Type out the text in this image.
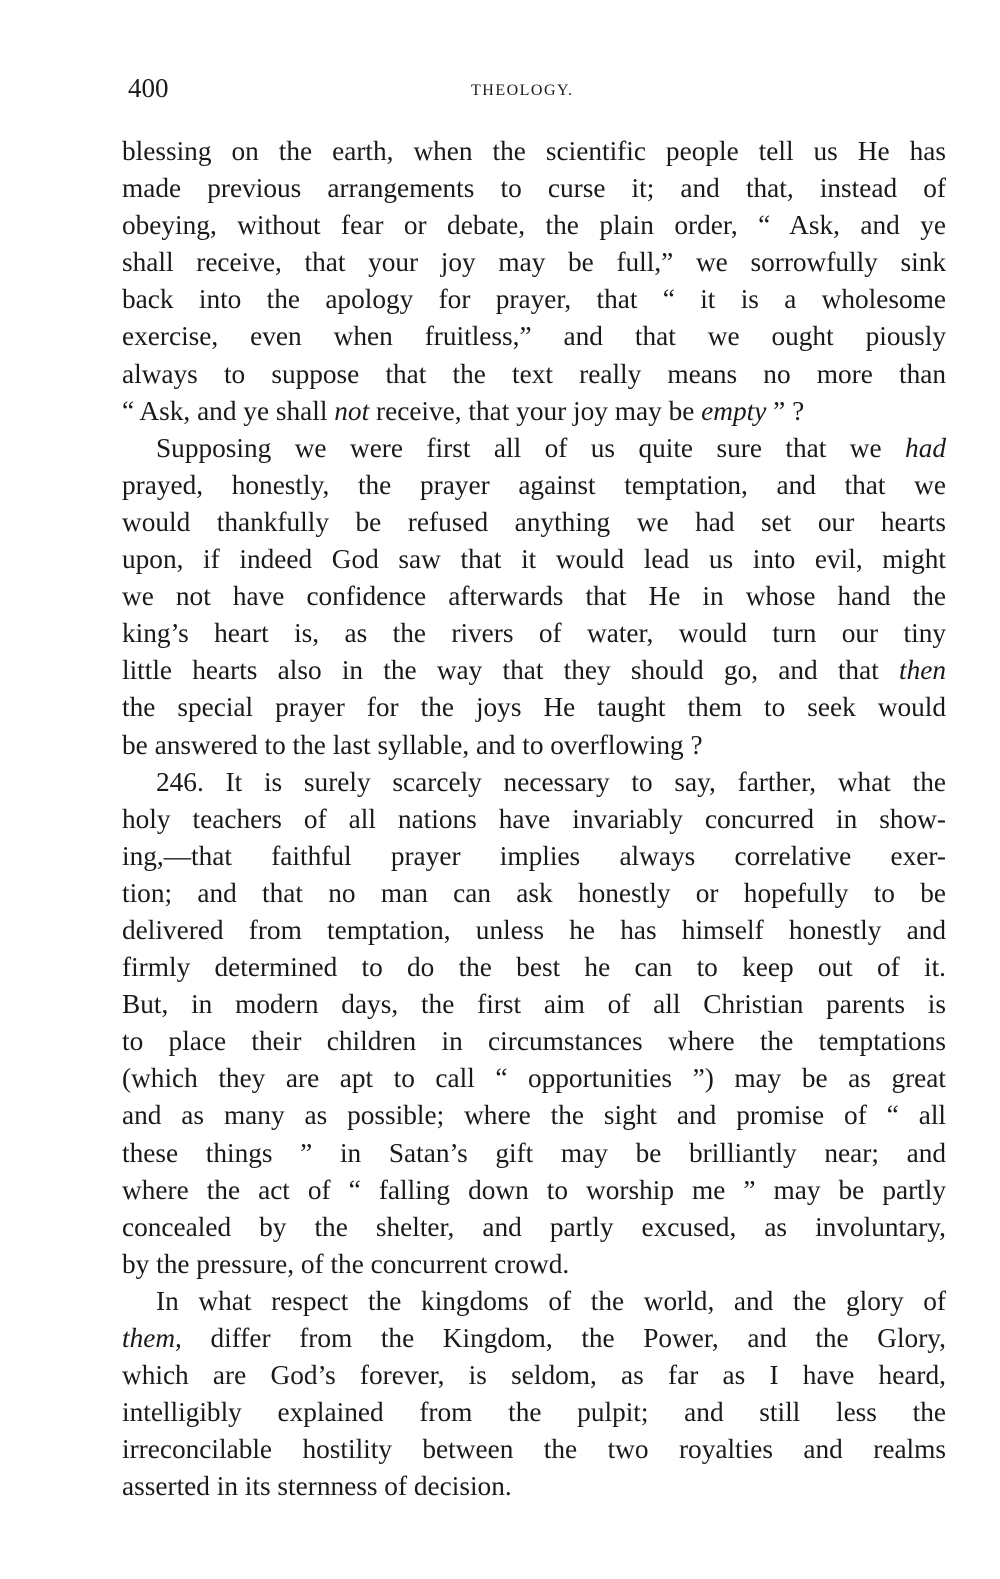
400	THEOLOGY.

blessing on the earth, when the scientific people tell us He has
made previous arrangements to curse it; and that, instead of
obeying, without fear or debate, the plain order, “ Ask, and ye
shall receive, that your joy may be full,” we sorrowfully sink
back into the apology for prayer, that “ it is a wholesome
exercise, even when fruitless,” and that we ought piously
always to suppose that the text really means no more than
“ Ask, and ye shall not receive, that your joy may be empty ” ?

Supposing we were first all of us quite sure that we had
prayed, honestly, the prayer against temptation, and that we
would thankfully be refused anything we had set our hearts
upon, if indeed God saw that it would lead us into evil, might
we not have confidence afterwards that He in whose hand the
king’s heart is, as the rivers of water, would turn our tiny
little hearts also in the way that they should go, and that then
the special prayer for the joys He taught them to seek would
be answered to the last syllable, and to overflowing ?

246. It is surely scarcely necessary to say, farther, what the
holy teachers of all nations have invariably concurred in show-
ing,—that faithful prayer implies always correlative exer-
tion; and that no man can ask honestly or hopefully to be
delivered from temptation, unless he has himself honestly and
firmly determined to do the best he can to keep out of it.
But, in modern days, the first aim of all Christian parents is
to place their children in circumstances where the temptations
(which they are apt to call “ opportunities ”) may be as great
and as many as possible; where the sight and promise of “ all
these things ” in Satan’s gift may be brilliantly near; and
where the act of “ falling down to worship me ” may be partly
concealed by the shelter, and partly excused, as involuntary,
by the pressure, of the concurrent crowd.

In what respect the kingdoms of the world, and the glory of
them, differ from the Kingdom, the Power, and the Glory,
which are God’s forever, is seldom, as far as I have heard,
intelligibly explained from the pulpit; and still less the
irreconcilable hostility between the two royalties and realms
asserted in its sternness of decision.
